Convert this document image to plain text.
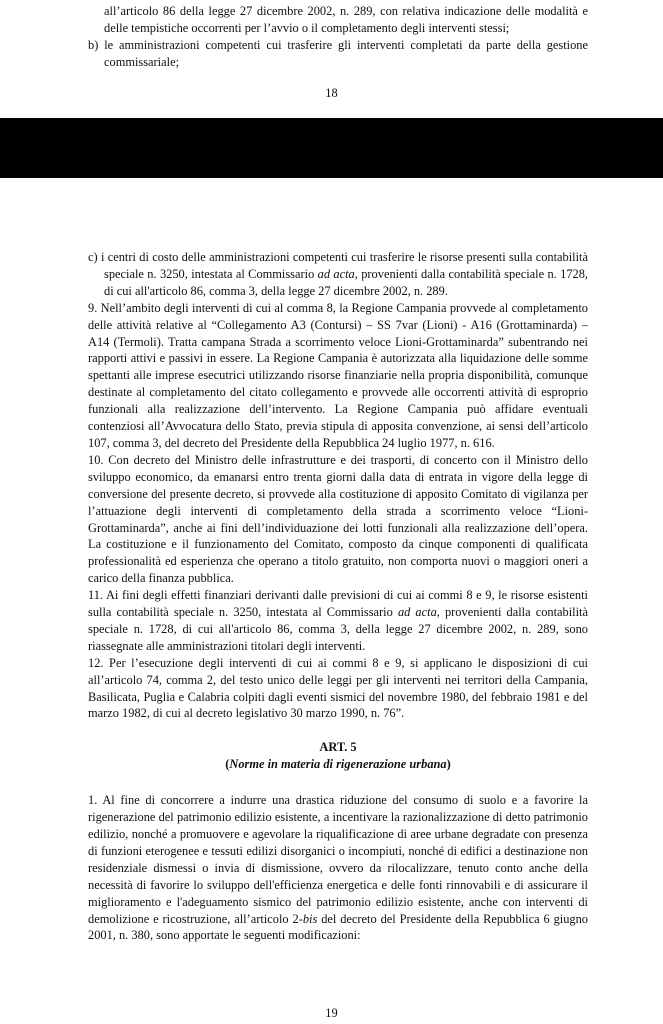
all’articolo 86 della legge 27 dicembre 2002, n. 289, con relativa indicazione delle modalità e delle tempistiche occorrenti per l’avvio o il completamento degli interventi stessi;

b) le amministrazioni competenti cui trasferire gli interventi completati da parte della gestione commissariale;

18

c) i centri di costo delle amministrazioni competenti cui trasferire le risorse presenti sulla contabilità speciale n. 3250, intestata al Commissario ad acta, provenienti dalla contabilità speciale n. 1728, di cui all'articolo 86, comma 3, della legge 27 dicembre 2002, n. 289.

9. Nell’ambito degli interventi di cui al comma 8, la Regione Campania provvede al completamento delle attività relative al “Collegamento A3 (Contursi) – SS 7var (Lioni) - A16 (Grottaminarda) – A14 (Termoli). Tratta campana Strada a scorrimento veloce Lioni-Grottaminarda” subentrando nei rapporti attivi e passivi in essere. La Regione Campania è autorizzata alla liquidazione delle somme spettanti alle imprese esecutrici utilizzando risorse finanziarie nella propria disponibilità, comunque destinate al completamento del citato collegamento e provvede alle occorrenti attività di esproprio funzionali alla realizzazione dell’intervento. La Regione Campania può affidare eventuali contenziosi all’Avvocatura dello Stato, previa stipula di apposita convenzione, ai sensi dell’articolo 107, comma 3, del decreto del Presidente della Repubblica 24 luglio 1977, n. 616.

10. Con decreto del Ministro delle infrastrutture e dei trasporti, di concerto con il Ministro dello sviluppo economico, da emanarsi entro trenta giorni dalla data di entrata in vigore della legge di conversione del presente decreto, si provvede alla costituzione di apposito Comitato di vigilanza per l’attuazione degli interventi di completamento della strada a scorrimento veloce “Lioni-Grottaminarda”, anche ai fini dell’individuazione dei lotti funzionali alla realizzazione dell’opera. La costituzione e il funzionamento del Comitato, composto da cinque componenti di qualificata professionalità ed esperienza che operano a titolo gratuito, non comporta nuovi o maggiori oneri a carico della finanza pubblica.

11. Ai fini degli effetti finanziari derivanti dalle previsioni di cui ai commi 8 e 9, le risorse esistenti sulla contabilità speciale n. 3250, intestata al Commissario ad acta, provenienti dalla contabilità speciale n. 1728, di cui all'articolo 86, comma 3, della legge 27 dicembre 2002, n. 289, sono riassegnate alle amministrazioni titolari degli interventi.

12. Per l’esecuzione degli interventi di cui ai commi 8 e 9, si applicano le disposizioni di cui all’articolo 74, comma 2, del testo unico delle leggi per gli interventi nei territori della Campania, Basilicata, Puglia e Calabria colpiti dagli eventi sismici del novembre 1980, del febbraio 1981 e del marzo 1982, di cui al decreto legislativo 30 marzo 1990, n. 76”.

ART. 5

(Norme in materia di rigenerazione urbana)

1. Al fine di concorrere a indurre una drastica riduzione del consumo di suolo e a favorire la rigenerazione del patrimonio edilizio esistente, a incentivare la razionalizzazione di detto patrimonio edilizio, nonché a promuovere e agevolare la riqualificazione di aree urbane degradate con presenza di funzioni eterogenee e tessuti edilizi disorganici o incompiuti, nonché di edifici a destinazione non residenziale dismessi o invia di dismissione, ovvero da rilocalizzare, tenuto conto anche della necessità di favorire lo sviluppo dell'efficienza energetica e delle fonti rinnovabili e di assicurare il miglioramento e l'adeguamento sismico del patrimonio edilizio esistente, anche con interventi di demolizione e ricostruzione, all’articolo 2-bis del decreto del Presidente della Repubblica 6 giugno 2001, n. 380, sono apportate le seguenti modificazioni:

19
